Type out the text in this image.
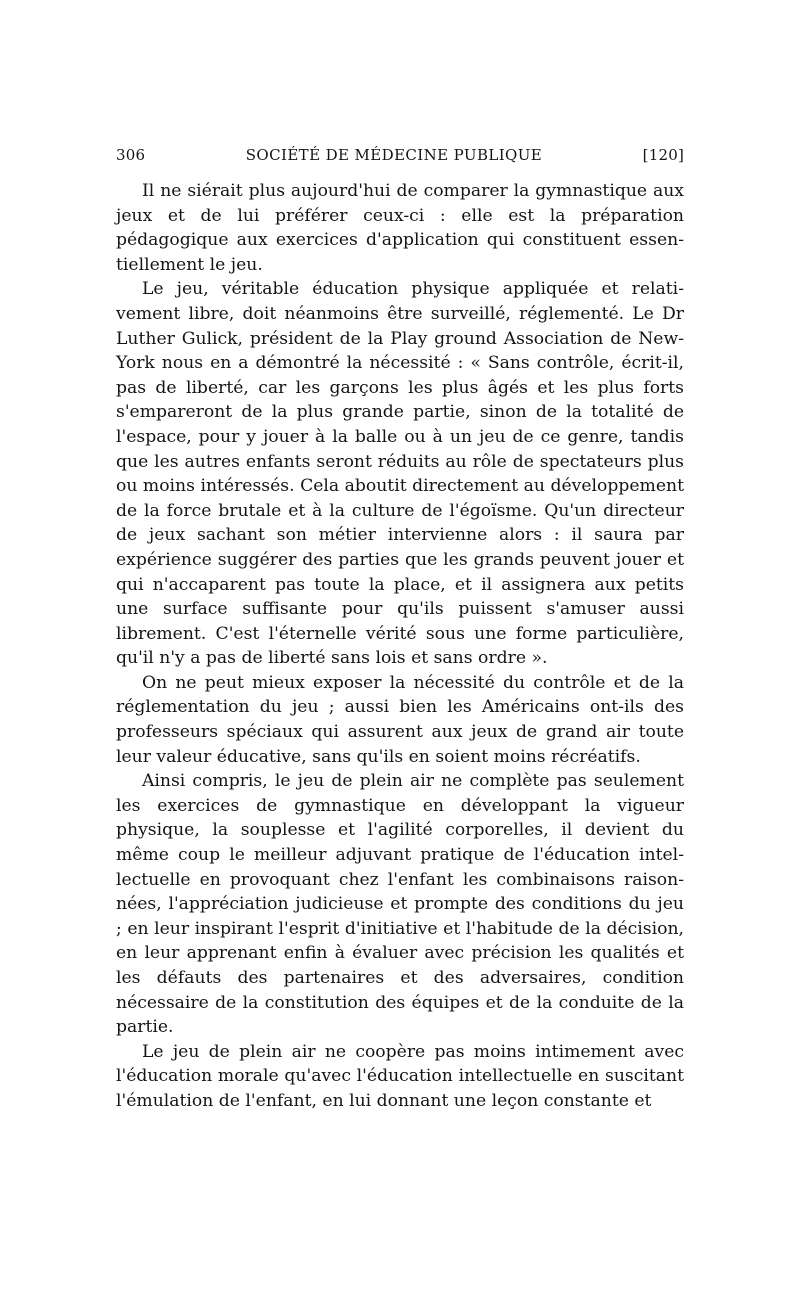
306	SOCIÉTÉ DE MÉDECINE PUBLIQUE	[120]

Il ne siérait plus aujourd'hui de comparer la gymnastique aux jeux et de lui préférer ceux-ci : elle est la préparation pédagogique aux exercices d'application qui constituent essentiellement le jeu.

Le jeu, véritable éducation physique appliquée et relativement libre, doit néanmoins être surveillé, réglementé. Le Dr Luther Gulick, président de la Play ground Association de New-York nous en a démontré la nécessité : « Sans contrôle, écrit-il, pas de liberté, car les garçons les plus âgés et les plus forts s'empareront de la plus grande partie, sinon de la totalité de l'espace, pour y jouer à la balle ou à un jeu de ce genre, tandis que les autres enfants seront réduits au rôle de spectateurs plus ou moins intéressés. Cela aboutit directement au développement de la force brutale et à la culture de l'égoïsme. Qu'un directeur de jeux sachant son métier intervienne alors : il saura par expérience suggérer des parties que les grands peuvent jouer et qui n'accaparent pas toute la place, et il assignera aux petits une surface suffisante pour qu'ils puissent s'amuser aussi librement. C'est l'éternelle vérité sous une forme particulière, qu'il n'y a pas de liberté sans lois et sans ordre ».

On ne peut mieux exposer la nécessité du contrôle et de la réglementation du jeu ; aussi bien les Américains ont-ils des professeurs spéciaux qui assurent aux jeux de grand air toute leur valeur éducative, sans qu'ils en soient moins récréatifs.

Ainsi compris, le jeu de plein air ne complète pas seulement les exercices de gymnastique en développant la vigueur physique, la souplesse et l'agilité corporelles, il devient du même coup le meilleur adjuvant pratique de l'éducation intellectuelle en provoquant chez l'enfant les combinaisons raisonnées, l'appréciation judicieuse et prompte des conditions du jeu ; en leur inspirant l'esprit d'initiative et l'habitude de la décision, en leur apprenant enfin à évaluer avec précision les qualités et les défauts des partenaires et des adversaires, condition nécessaire de la constitution des équipes et de la conduite de la partie.

Le jeu de plein air ne coopère pas moins intimement avec l'éducation morale qu'avec l'éducation intellectuelle en suscitant l'émulation de l'enfant, en lui donnant une leçon constante et
